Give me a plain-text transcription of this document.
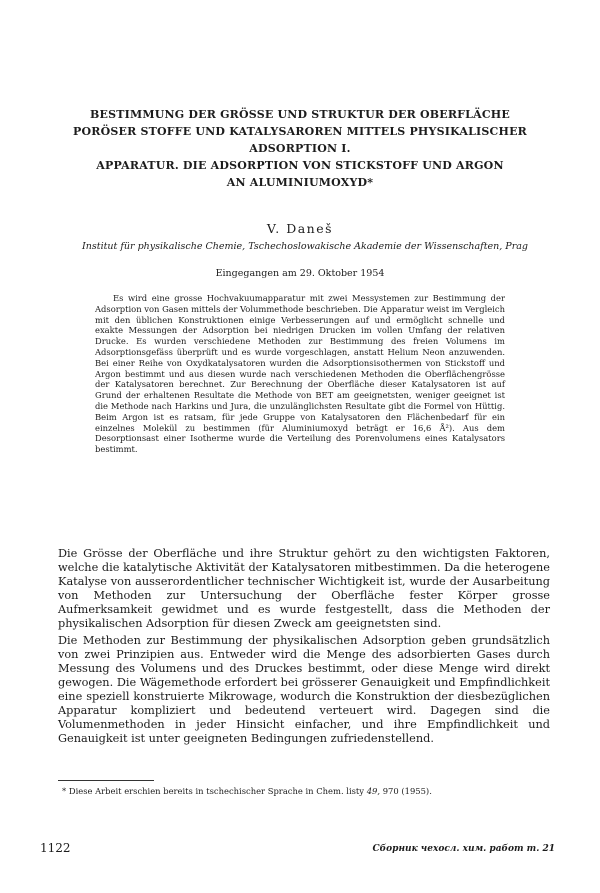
BESTIMMUNG DER GRÖSSE UND STRUKTUR DER OBERFLÄCHE
PORÖSER STOFFE UND KATALYSAROREN MITTELS PHYSIKALISCHER
ADSORPTION I.
APPARATUR. DIE ADSORPTION VON STICKSTOFF UND ARGON
AN ALUMINIUMOXYD*
V. Daneš
Institut für physikalische Chemie, Tschechoslowakische Akademie der Wissenschaften, Prag
Eingegangen am 29. Oktober 1954

Es wird eine grosse Hochvakuumapparatur mit zwei Messystemen zur Bestimmung der Adsorption von Gasen mittels der Volummethode beschrieben. Die Apparatur weist im Vergleich mit den üblichen Konstruktionen einige Verbesserungen auf und ermöglicht schnelle und exakte Messungen der Adsorption bei niedrigen Drucken im vollen Umfang der relativen Drucke. Es wurden verschiedene Methoden zur Bestimmung des freien Volumens im Adsorptionsgefäss überprüft und es wurde vorgeschlagen, anstatt Helium Neon anzuwenden. Bei einer Reihe von Oxydkatalysatoren wurden die Adsorptionsisothermen von Stickstoff und Argon bestimmt und aus diesen wurde nach verschiedenen Methoden die Oberflächengrösse der Katalysatoren berechnet. Zur Berechnung der Oberfläche dieser Katalysatoren ist auf Grund der erhaltenen Resultate die Methode von BET am geeignetsten, weniger geeignet ist die Methode nach Harkins und Jura, die unzulänglichsten Resultate gibt die Formel von Hüttig. Beim Argon ist es ratsam, für jede Gruppe von Katalysatoren den Flächenbedarf für ein einzelnes Molekül zu bestimmen (für Aluminiumoxyd beträgt er 16,6 Å²). Aus dem Desorptionsast einer Isotherme wurde die Verteilung des Porenvolumens eines Katalysators bestimmt.

Die Grösse der Oberfläche und ihre Struktur gehört zu den wichtigsten Faktoren, welche die katalytische Aktivität der Katalysatoren mitbestimmen. Da die heterogene Katalyse von ausserordentlicher technischer Wichtigkeit ist, wurde der Ausarbeitung von Methoden zur Untersuchung der Oberfläche fester Körper grosse Aufmerksamkeit gewidmet und es wurde festgestellt, dass die Methoden der physikalischen Adsorption für diesen Zweck am geeignetsten sind.

Die Methoden zur Bestimmung der physikalischen Adsorption geben grundsätzlich von zwei Prinzipien aus. Entweder wird die Menge des adsorbierten Gases durch Messung des Volumens und des Druckes bestimmt, oder diese Menge wird direkt gewogen. Die Wägemethode erfordert bei grösserer Genauigkeit und Empfindlichkeit eine speziell konstruierte Mikrowage, wodurch die Konstruktion der diesbezüglichen Apparatur kompliziert und bedeutend verteuert wird. Dagegen sind die Volumenmethoden in jeder Hinsicht einfacher, und ihre Empfindlichkeit und Genauigkeit ist unter geeigneten Bedingungen zufriedenstellend.

* Diese Arbeit erschien bereits in tschechischer Sprache in Chem. listy 49, 970 (1955).
1122	Сборник чехосл. хим. работ т. 21
